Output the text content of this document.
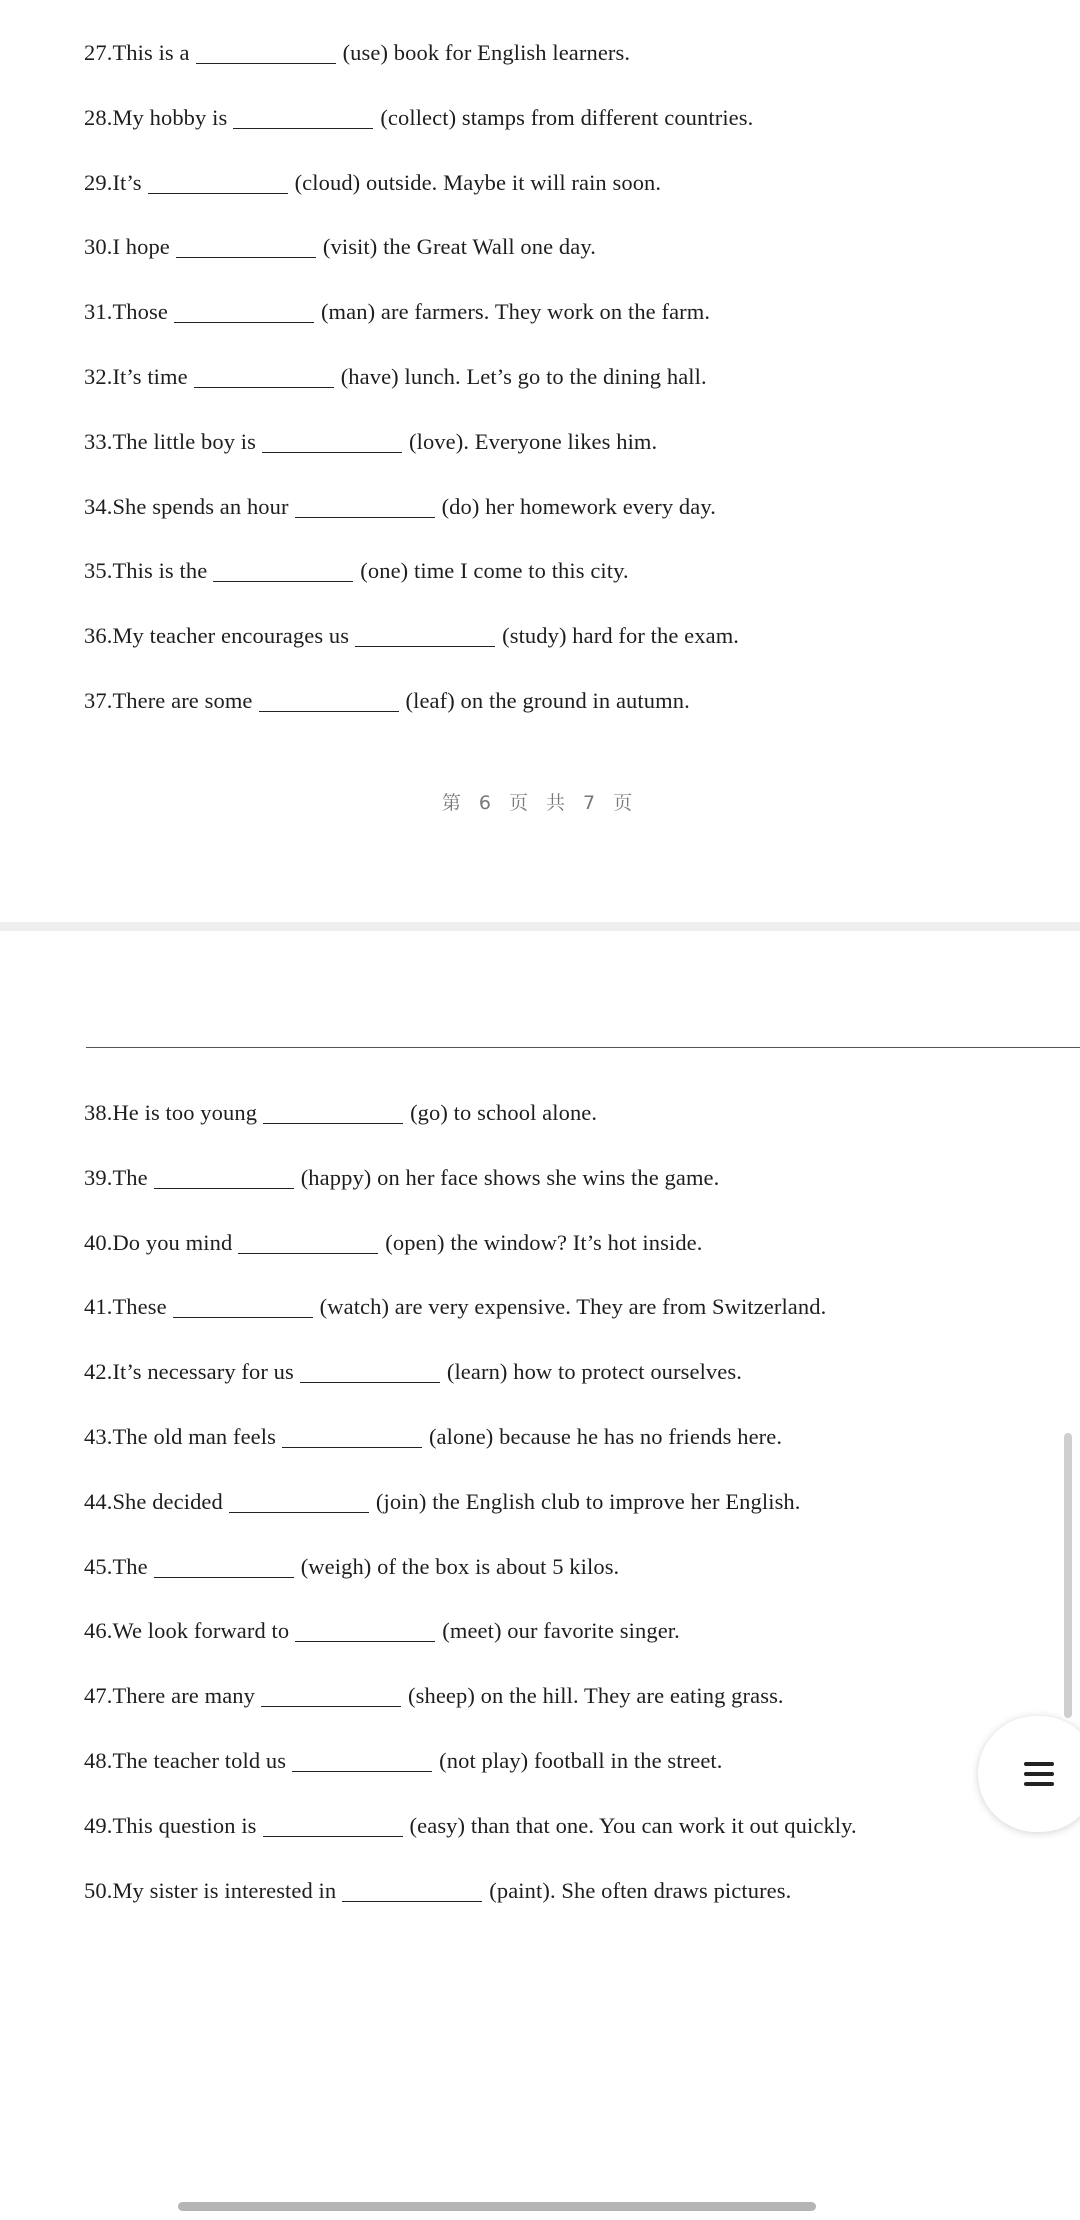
27.This is a	(use) book for English learners.
28.My hobby is	(collect) stamps from different countries.
29.It’s	(cloud) outside. Maybe it will rain soon.
30.I hope	(visit) the Great Wall one day.
31.Those	(man) are farmers. They work on the farm.
32.It’s time	(have) lunch. Let’s go to the dining hall.
33.The little boy is	(love). Everyone likes him.
34.She spends an hour	(do) her homework every day.
35.This is the	(one) time I come to this city.
36.My teacher encourages us	(study) hard for the exam.
37.There are some	(leaf) on the ground in autumn.
第 6 页 共 7 页
38.He is too young	(go) to school alone.
39.The	(happy) on her face shows she wins the game.
40.Do you mind	(open) the window? It’s hot inside.
41.These	(watch) are very expensive. They are from Switzerland.
42.It’s necessary for us	(learn) how to protect ourselves.
43.The old man feels	(alone) because he has no friends here.
44.She decided	(join) the English club to improve her English.
45.The	(weigh) of the box is about 5 kilos.
46.We look forward to	(meet) our favorite singer.
47.There are many	(sheep) on the hill. They are eating grass.
48.The teacher told us	(not play) football in the street.
49.This question is	(easy) than that one. You can work it out quickly.
50.My sister is interested in	(paint). She often draws pictures.
